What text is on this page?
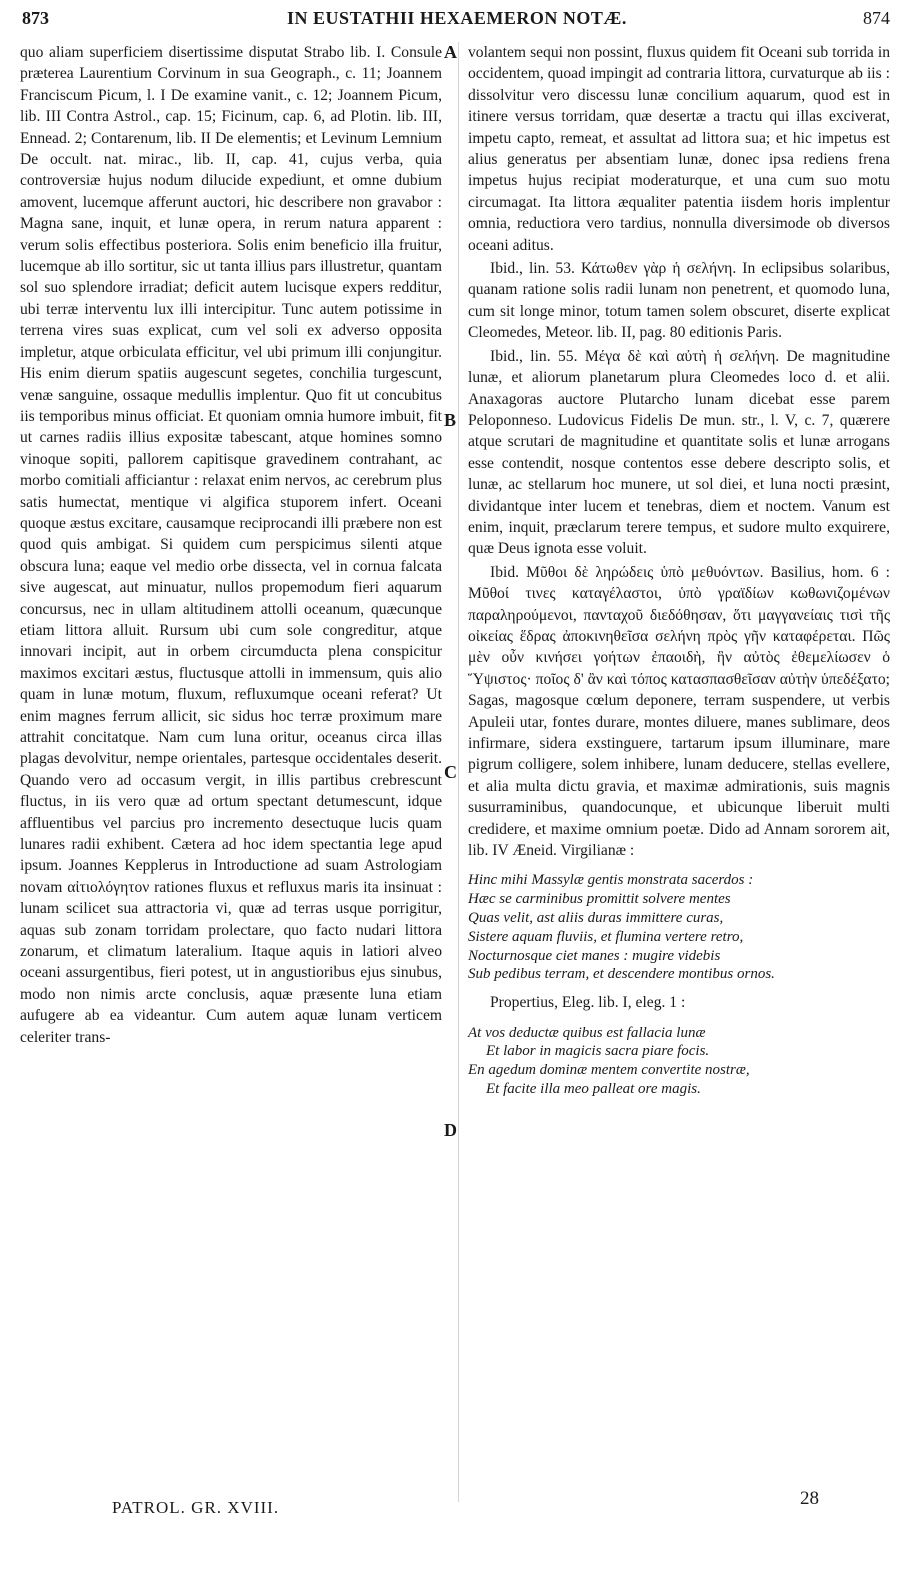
873	IN EUSTATHII HEXAEMERON NOTÆ.	874

quo aliam superficiem disertissime disputat Strabo lib. I. Consule præterea Laurentium Corvinum in sua Geograph., c. 11; Joannem Franciscum Picum, l. I De examine vanit., c. 12; Joannem Picum, lib. III Contra Astrol., cap. 15; Ficinum, cap. 6, ad Plotin. lib. III, Ennead. 2; Contarenum, lib. II De elementis; et Levinum Lemnium De occult. nat. mirac., lib. II, cap. 41, cujus verba, quia controversiæ hujus nodum dilucide expediunt, et omne dubium amovent, lucemque afferunt auctori, hic describere non gravabor : Magna sane, inquit, et lunæ opera, in rerum natura apparent : verum solis effectibus posteriora. Solis enim beneficio illa fruitur, lucemque ab illo sortitur, sic ut tanta illius pars illustretur, quantam sol suo splendore irradiat; deficit autem lucisque expers redditur, ubi terræ interventu lux illi intercipitur. Tunc autem potissime in terrena vires suas explicat, cum vel soli ex adverso opposita impletur, atque orbiculata efficitur, vel ubi primum illi conjungitur. His enim dierum spatiis augescunt segetes, conchilia turgescunt, venæ sanguine, ossaque medullis implentur. Quo fit ut concubitus iis temporibus minus officiat. Et quoniam omnia humore imbuit, fit ut carnes radiis illius expositæ tabescant, atque homines somno vinoque sopiti, pallorem capitisque gravedinem contrahant, ac morbo comitiali afficiantur : relaxat enim nervos, ac cerebrum plus satis humectat, mentique vi algifica stuporem infert. Oceani quoque æstus excitare, causamque reciprocandi illi præbere non est quod quis ambigat. Si quidem cum perspicimus silenti atque obscura luna; eaque vel medio orbe dissecta, vel in cornua falcata sive augescat, aut minuatur, nullos propemodum fieri aquarum concursus, nec in ullam altitudinem attolli oceanum, quæcunque etiam littora alluit. Rursum ubi cum sole congreditur, atque innovari incipit, aut in orbem circumducta plena conspicitur maximos excitari æstus, fluctusque attolli in immensum, quis alio quam in lunæ motum, fluxum, refluxumque oceani referat? Ut enim magnes ferrum allicit, sic sidus hoc terræ proximum mare attrahit concitatque. Nam cum luna oritur, oceanus circa illas plagas devolvitur, nempe orientales, partesque occidentales deserit. Quando vero ad occasum vergit, in illis partibus crebrescunt fluctus, in iis vero quæ ad ortum spectant detumescunt, idque affluentibus vel parcius pro incremento desectuque lucis quam lunares radii exhibent. Cætera ad hoc idem spectantia lege apud ipsum. Joannes Kepplerus in Introductione ad suam Astrologiam novam αἰτιολόγητον rationes fluxus et refluxus maris ita insinuat : lunam scilicet sua attractoria vi, quæ ad terras usque porrigitur, aquas sub zonam torridam prolectare, quo facto nudari littora zonarum, et climatum lateralium. Itaque aquis in latiori alveo oceani assurgentibus, fieri potest, ut in angustioribus ejus sinubus, modo non nimis arcte conclusis, aquæ præsente luna etiam aufugere ab ea videantur. Cum autem aquæ lunam verticem celeriter trans-

A
B
C
D

volantem sequi non possint, fluxus quidem fit Oceani sub torrida in occidentem, quoad impingit ad contraria littora, curvaturque ab iis : dissolvitur vero discessu lunæ concilium aquarum, quod est in itinere versus torridam, quæ desertæ a tractu qui illas exciverat, impetu capto, remeat, et assultat ad littora sua; et hic impetus est alius generatus per absentiam lunæ, donec ipsa rediens frena impetus hujus recipiat moderaturque, et una cum suo motu circumagat. Ita littora æqualiter patentia iisdem horis implentur omnia, reductiora vero tardius, nonnulla diversimode ob diversos oceani aditus.

Ibid., lin. 53. Κάτωθεν γὰρ ἡ σελήνη. In eclipsibus solaribus, quanam ratione solis radii lunam non penetrent, et quomodo luna, cum sit longe minor, totum tamen solem obscuret, diserte explicat Cleomedes, Meteor. lib. II, pag. 80 editionis Paris.

Ibid., lin. 55. Μέγα δὲ καὶ αὐτὴ ἡ σελήνη. De magnitudine lunæ, et aliorum planetarum plura Cleomedes loco d. et alii. Anaxagoras auctore Plutarcho lunam dicebat esse parem Peloponneso. Ludovicus Fidelis De mun. str., l. V, c. 7, quærere atque scrutari de magnitudine et quantitate solis et lunæ arrogans esse contendit, nosque contentos esse debere descripto solis, et lunæ, ac stellarum hoc munere, ut sol diei, et luna nocti præsint, dividantque inter lucem et tenebras, diem et noctem. Vanum est enim, inquit, præclarum terere tempus, et sudore multo exquirere, quæ Deus ignota esse voluit.

Ibid. Μῦθοι δὲ ληρώδεις ὑπὸ μεθυόντων. Basilius, hom. 6 : Μῦθοί τινες καταγέλαστοι, ὑπὸ γραϊδίων κωθωνιζομένων παραληρούμενοι, πανταχοῦ διεδόθησαν, ὅτι μαγγανείαις τισὶ τῆς οἰκείας ἕδρας ἀποκινηθεῖσα σελήνη πρὸς γῆν καταφέρεται. Πῶς μὲν οὖν κινήσει γοήτων ἐπαοιδὴ, ἣν αὐτὸς ἐθεμελίωσεν ὁ Ὕψιστος· ποῖος δ' ἂν καὶ τόπος κατασπασθεῖσαν αὐτὴν ὑπεδέξατο; Sagas, magosque cœlum deponere, terram suspendere, ut verbis Apuleii utar, fontes durare, montes diluere, manes sublimare, deos infirmare, sidera exstinguere, tartarum ipsum illuminare, mare pigrum colligere, solem inhibere, lunam deducere, stellas evellere, et alia multa dictu gravia, et maximæ admirationis, suis magnis susurraminibus, quandocunque, et ubicunque liberuit multi credidere, et maxime omnium poetæ. Dido ad Annam sororem ait, lib. IV Æneid. Virgilianæ :

Hinc mihi Massylæ gentis monstrata sacerdos :
Hæc se carminibus promittit solvere mentes
Quas velit, ast aliis duras immittere curas,
Sistere aquam fluviis, et flumina vertere retro,
Nocturnosque ciet manes : mugire videbis
Sub pedibus terram, et descendere montibus ornos.

Propertius, Eleg. lib. I, eleg. 1 :

At vos deductæ quibus est fallacia lunæ
Et labor in magicis sacra piare focis.
En agedum dominæ mentem convertite nostræ,
Et facite illa meo palleat ore magis.
PATROL. GR. XVIII.	28
